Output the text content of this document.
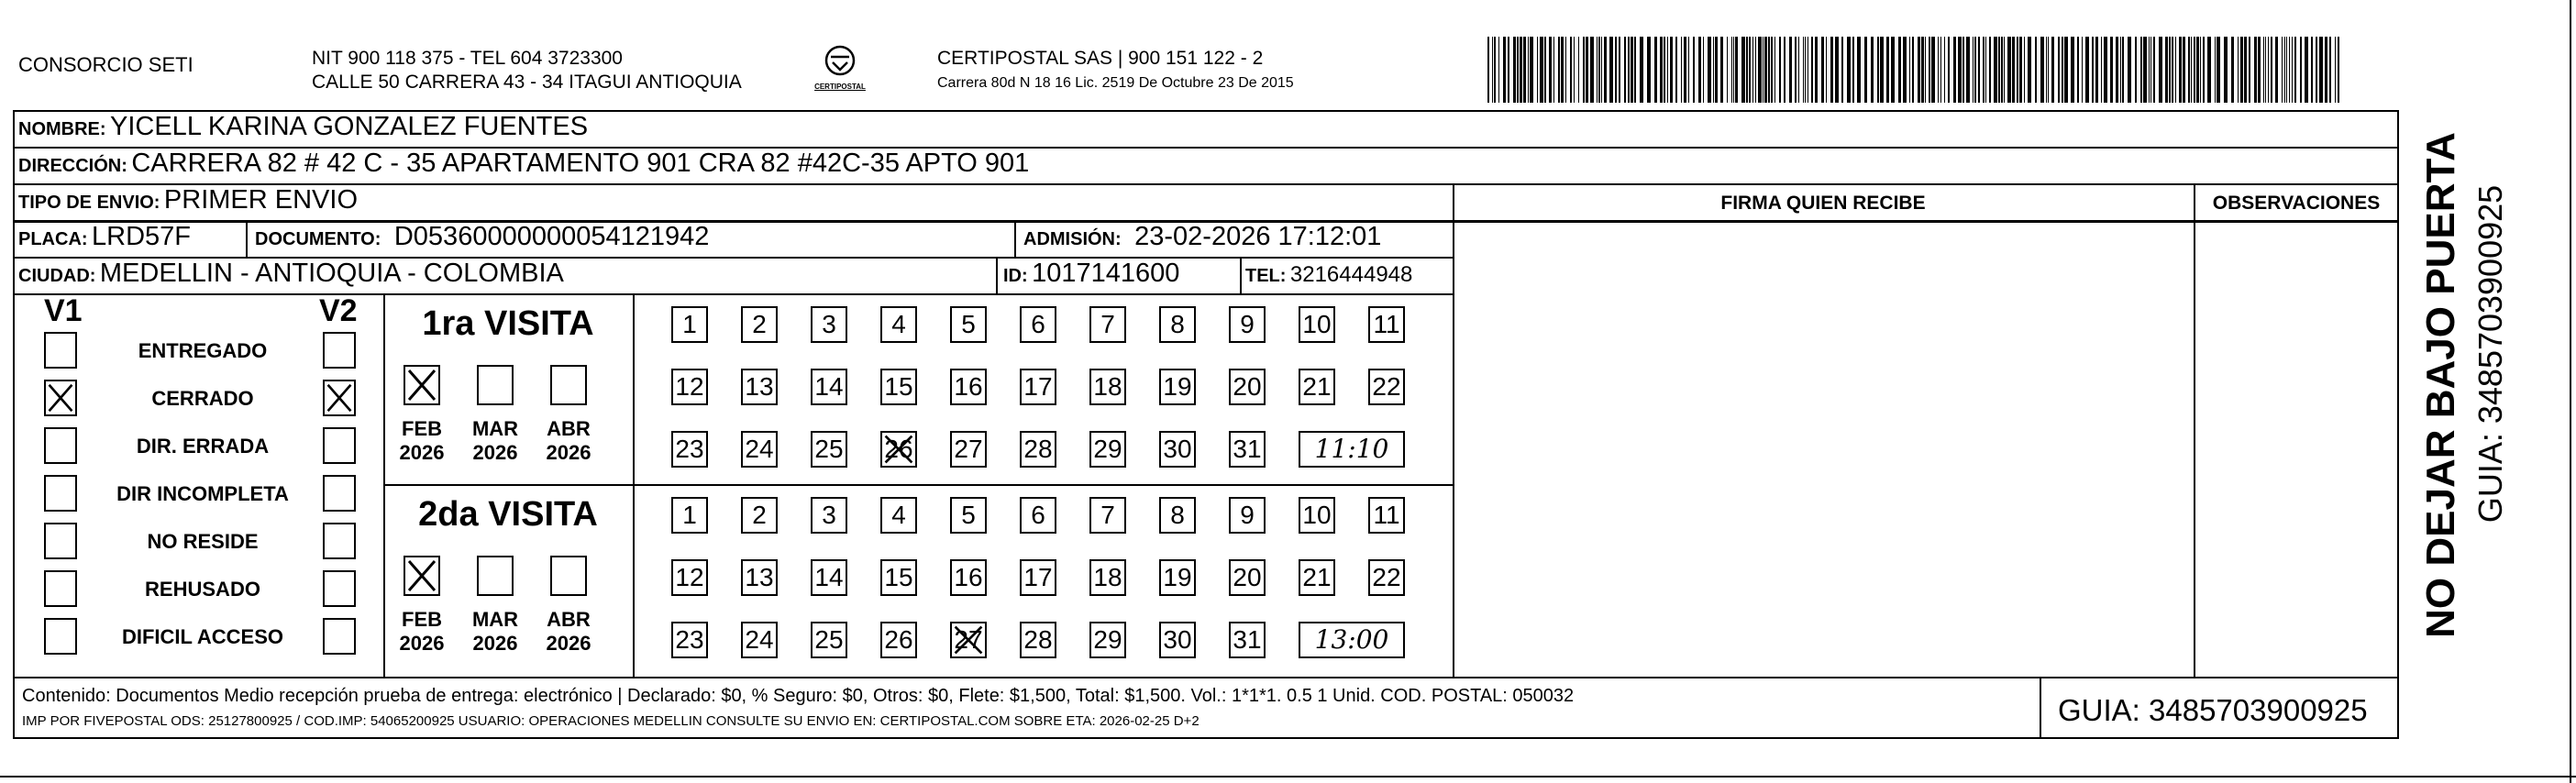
CONSORCIO SETI	NIT 900 118 375 - TEL 604 3723300
CALLE 50 CARRERA 43 - 34 ITAGUI ANTIOQUIA	CERTIPOSTAL
CERTIPOSTAL SAS | 900 151 122 - 2
Carrera 80d N 18 16 Lic. 2519 De Octubre 23 De 2015
NOMBRE: YICELL KARINA GONZALEZ FUENTES
DIRECCIÓN: CARRERA 82 # 42 C - 35 APARTAMENTO 901 CRA 82 #42C-35 APTO 901
TIPO DE ENVIO: PRIMER ENVIO	FIRMA QUIEN RECIBE	OBSERVACIONES
PLACA: LRD57F	DOCUMENTO: D05360000000054121942	ADMISIÓN: 23-02-2026 17:12:01
CIUDAD: MEDELLIN - ANTIOQUIA - COLOMBIA	ID: 1017141600	TEL: 3216444948
V1	V2
ENTREGADO
CERRADO
DIR. ERRADA
DIR INCOMPLETA
NO RESIDE
REHUSADO
DIFICIL ACCESO
1ra VISITA
FEB
2026
MAR
2026
ABR
2026
1	2	3	4	5	6	7	8	9	10 11
12 13 14 15 16 17 18 19 20 21 22
23 24 25 26 27 28 29 30 31	11:10
2da VISITA
FEB
2026
MAR
2026
ABR
2026
1	2	3	4	5	6	7	8	9	10 11
12 13 14 15 16 17 18 19 20 21 22
23 24 25 26 27 28 29 30 31	13:00
Contenido: Documentos Medio recepción prueba de entrega: electrónico | Declarado: $0, % Seguro: $0, Otros: $0, Flete: $1,500, Total: $1,500. Vol.: 1*1*1. 0.5 1 Unid. COD. POSTAL: 050032
IMP POR FIVEPOSTAL ODS: 25127800925 / COD.IMP: 54065200925 USUARIO: OPERACIONES MEDELLIN CONSULTE SU ENVIO EN: CERTIPOSTAL.COM SOBRE ETA: 2026-02-25 D+2	GUIA: 3485703900925
NO DEJAR BAJO PUERTA GUIA: 3485703900925
